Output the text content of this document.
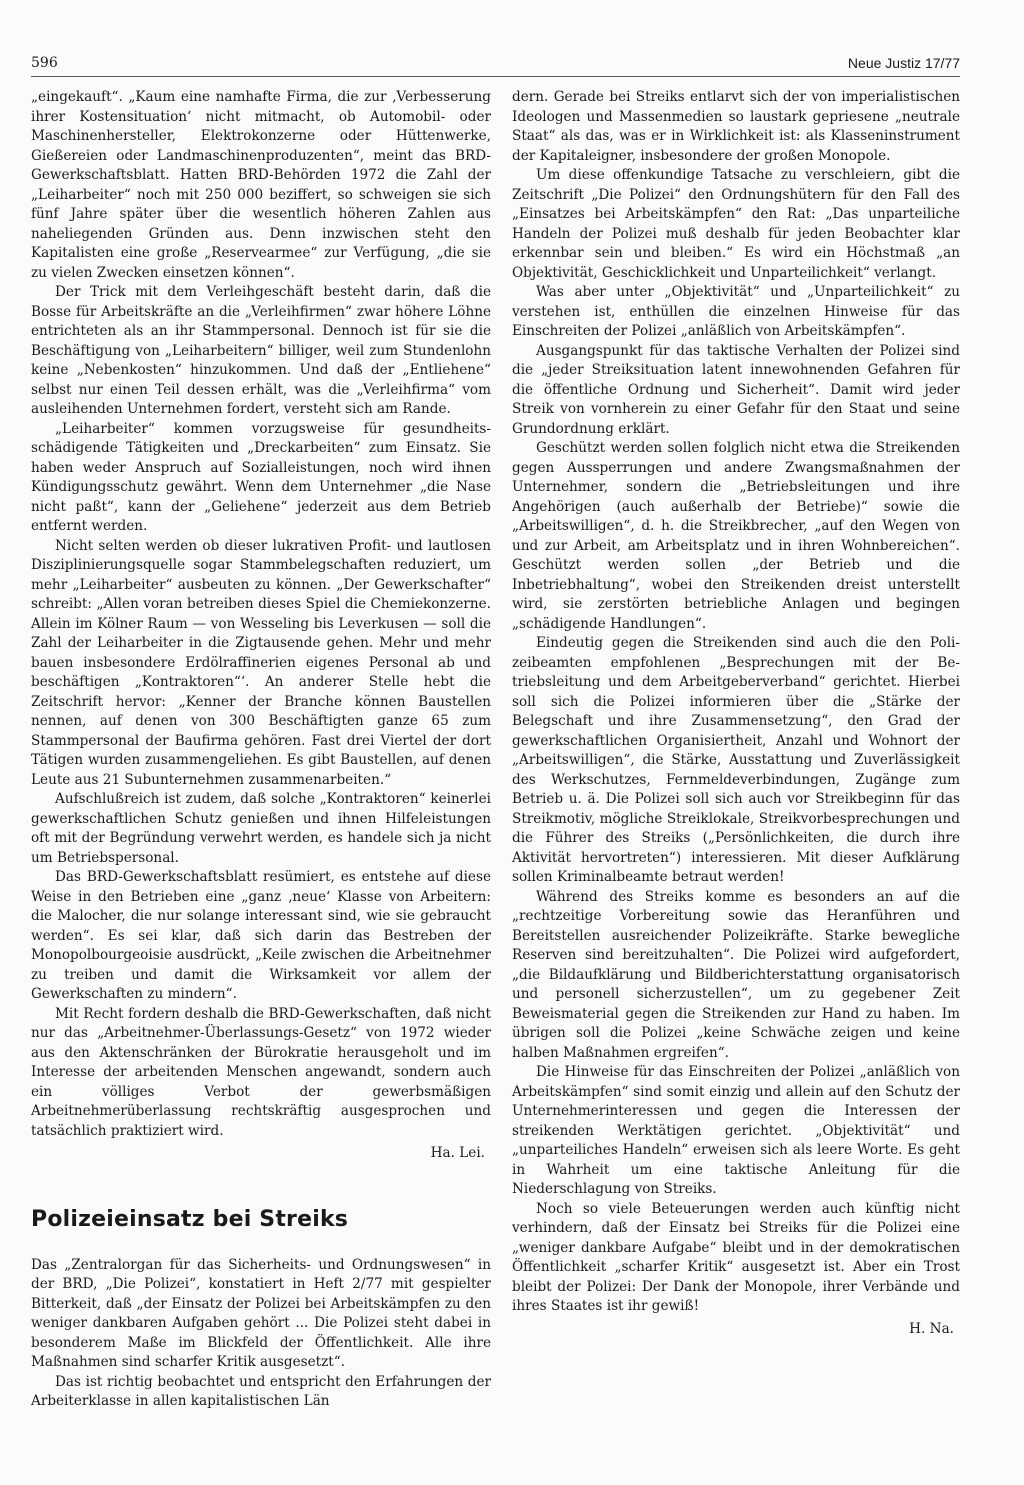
596	Neue Justiz 17/77

„eingekauft“. „Kaum eine namhafte Firma, die zur ‚Verbesserung ihrer Kostensituation‘ nicht mitmacht, ob Automobil- oder Maschinenhersteller, Elektrokonzerne oder Hüttenwerke, Gießereien oder Landmaschinenproduzenten“, meint das BRD-Gewerkschaftsblatt. Hatten BRD-Behörden 1972 die Zahl der „Leiharbeiter“ noch mit 250 000 beziffert, so schweigen sie sich fünf Jahre später über die wesentlich höheren Zahlen aus naheliegenden Gründen aus. Denn inzwischen steht den Kapitalisten eine große „Reservearmee“ zur Verfügung, „die sie zu vielen Zwecken einsetzen können“.

Der Trick mit dem Verleihgeschäft besteht darin, daß die Bosse für Arbeitskräfte an die „Verleihfirmen“ zwar höhere Löhne entrichteten als an ihr Stammpersonal. Dennoch ist für sie die Beschäftigung von „Leiharbeitern“ billiger, weil zum Stundenlohn keine „Nebenkosten“ hinzukommen. Und daß der „Entliehene“ selbst nur einen Teil dessen erhält, was die „Verleihfirma“ vom ausleihenden Unternehmen fordert, versteht sich am Rande.

„Leiharbeiter“ kommen vorzugsweise für gesundheitsschädigende Tätigkeiten und „Dreckarbeiten“ zum Einsatz. Sie haben weder Anspruch auf Sozialleistungen, noch wird ihnen Kündigungsschutz gewährt. Wenn dem Unternehmer „die Nase nicht paßt“, kann der „Geliehene“ jederzeit aus dem Betrieb entfernt werden.

Nicht selten werden ob dieser lukrativen Profit- und lautlosen Disziplinierungsquelle sogar Stammbelegschaften reduziert, um mehr „Leiharbeiter“ ausbeuten zu können. „Der Gewerkschafter“ schreibt: „Allen voran betreiben dieses Spiel die Chemiekonzerne. Allein im Kölner Raum — von Wesseling bis Leverkusen — soll die Zahl der Leiharbeiter in die Zigtausende gehen. Mehr und mehr bauen insbesondere Erdölraffinerien eigenes Personal ab und beschäftigen „Kontraktoren“‘. An anderer Stelle hebt die Zeitschrift hervor: „Kenner der Branche können Baustellen nennen, auf denen von 300 Beschäftigten ganze 65 zum Stammpersonal der Baufirma gehören. Fast drei Viertel der dort Tätigen wurden zusammengeliehen. Es gibt Baustellen, auf denen Leute aus 21 Subunternehmen zusammenarbeiten.“

Aufschlußreich ist zudem, daß solche „Kontraktoren“ keinerlei gewerkschaftlichen Schutz genießen und ihnen Hilfeleistungen oft mit der Begründung verwehrt werden, es handele sich ja nicht um Betriebspersonal.

Das BRD-Gewerkschaftsblatt resümiert, es entstehe auf diese Weise in den Betrieben eine „ganz ‚neue‘ Klasse von Arbeitern: die Malocher, die nur solange interessant sind, wie sie gebraucht werden“. Es sei klar, daß sich darin das Bestreben der Monopolbourgeoisie ausdrückt, „Keile zwischen die Arbeitnehmer zu treiben und damit die Wirksamkeit vor allem der Gewerkschaften zu mindern“.

Mit Recht fordern deshalb die BRD-Gewerkschaften, daß nicht nur das „Arbeitnehmer-Überlassungs-Gesetz“ von 1972 wieder aus den Aktenschränken der Bürokratie herausgeholt und im Interesse der arbeitenden Menschen angewandt, sondern auch ein völliges Verbot der gewerbsmäßigen Arbeitnehmerüberlassung rechtskräftig ausgesprochen und tatsächlich praktiziert wird.

Ha. Lei.
Polizeieinsatz bei Streiks

Das „Zentralorgan für das Sicherheits- und Ordnungswesen“ in der BRD, „Die Polizei“, konstatiert in Heft 2/77 mit gespielter Bitterkeit, daß „der Einsatz der Polizei bei Arbeitskämpfen zu den weniger dankbaren Aufgaben gehört ... Die Polizei steht dabei in besonderem Maße im Blickfeld der Öffentlichkeit. Alle ihre Maßnahmen sind scharfer Kritik ausgesetzt“.

Das ist richtig beobachtet und entspricht den Erfahrungen der Arbeiterklasse in allen kapitalistischen Län

dern. Gerade bei Streiks entlarvt sich der von imperialistischen Ideologen und Massenmedien so laustark gepriesene „neutrale Staat“ als das, was er in Wirklichkeit ist: als Klasseninstrument der Kapitaleigner, insbesondere der großen Monopole.

Um diese offenkundige Tatsache zu verschleiern, gibt die Zeitschrift „Die Polizei“ den Ordnungshütern für den Fall des „Einsatzes bei Arbeitskämpfen“ den Rat: „Das unparteiliche Handeln der Polizei muß deshalb für jeden Beobachter klar erkennbar sein und bleiben.“ Es wird ein Höchstmaß „an Objektivität, Geschicklichkeit und Unparteilichkeit“ verlangt.

Was aber unter „Objektivität“ und „Unparteilichkeit“ zu verstehen ist, enthüllen die einzelnen Hinweise für das Einschreiten der Polizei „anläßlich von Arbeitskämpfen“.

Ausgangspunkt für das taktische Verhalten der Polizei sind die „jeder Streiksituation latent innewohnenden Gefahren für die öffentliche Ordnung und Sicherheit“. Damit wird jeder Streik von vornherein zu einer Gefahr für den Staat und seine Grundordnung erklärt.

Geschützt werden sollen folglich nicht etwa die Streikenden gegen Aussperrungen und andere Zwangsmaßnahmen der Unternehmer, sondern die „Betriebsleitungen und ihre Angehörigen (auch außerhalb der Betriebe)“ sowie die „Arbeitswilligen“, d. h. die Streikbrecher, „auf den Wegen von und zur Arbeit, am Arbeitsplatz und in ihren Wohnbereichen“. Geschützt werden sollen „der Betrieb und die Inbetriebhaltung“, wobei den Streikenden dreist unterstellt wird, sie zerstörten betriebliche Anlagen und begingen „schädigende Handlungen“.

Eindeutig gegen die Streikenden sind auch die den Polizeibeamten empfohlenen „Besprechungen mit der Betriebsleitung und dem Arbeitgeberverband“ gerichtet. Hierbei soll sich die Polizei informieren über die „Stärke der Belegschaft und ihre Zusammensetzung“, den Grad der gewerkschaftlichen Organisiertheit, Anzahl und Wohnort der „Arbeitswilligen“, die Stärke, Ausstattung und Zuverlässigkeit des Werkschutzes, Fernmeldeverbindungen, Zugänge zum Betrieb u. ä. Die Polizei soll sich auch vor Streikbeginn für das Streikmotiv, mögliche Streiklokale, Streikvorbesprechungen und die Führer des Streiks („Persönlichkeiten, die durch ihre Aktivität hervortreten“) interessieren. Mit dieser Aufklärung sollen Kriminalbeamte betraut werden!

Während des Streiks komme es besonders an auf die „rechtzeitige Vorbereitung sowie das Heranführen und Bereitstellen ausreichender Polizeikräfte. Starke bewegliche Reserven sind bereitzuhalten“. Die Polizei wird aufgefordert, „die Bildaufklärung und Bildberichterstattung organisatorisch und personell sicherzustellen“, um zu gegebener Zeit Beweismaterial gegen die Streikenden zur Hand zu haben. Im übrigen soll die Polizei „keine Schwäche zeigen und keine halben Maßnahmen ergreifen“.

Die Hinweise für das Einschreiten der Polizei „anläßlich von Arbeitskämpfen“ sind somit einzig und allein auf den Schutz der Unternehmerinteressen und gegen die Interessen der streikenden Werktätigen gerichtet. „Objektivität“ und „unparteiliches Handeln“ erweisen sich als leere Worte. Es geht in Wahrheit um eine taktische Anleitung für die Niederschlagung von Streiks.

Noch so viele Beteuerungen werden auch künftig nicht verhindern, daß der Einsatz bei Streiks für die Polizei eine „weniger dankbare Aufgabe“ bleibt und in der demokratischen Öffentlichkeit „scharfer Kritik“ ausgesetzt ist. Aber ein Trost bleibt der Polizei: Der Dank der Monopole, ihrer Verbände und ihres Staates ist ihr gewiß!

H. Na.
